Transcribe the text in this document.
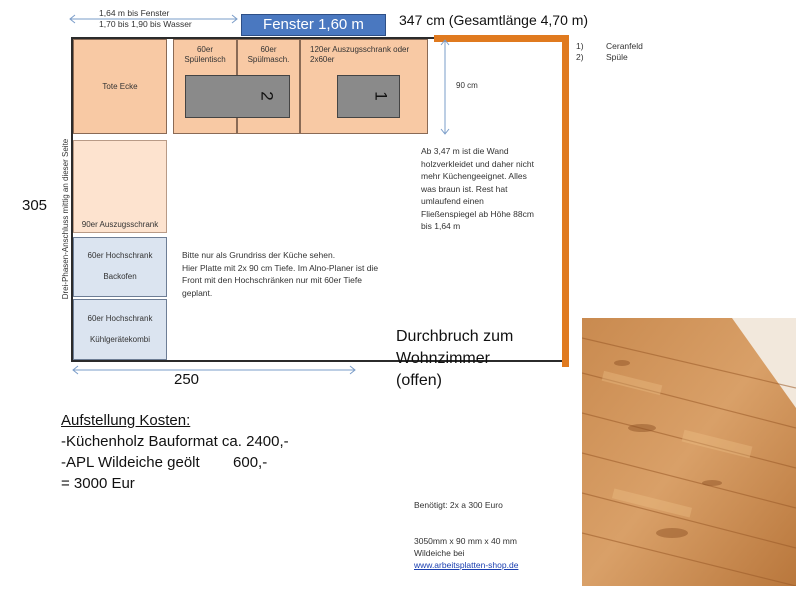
1,64 m bis Fenster
1,70 bis 1,90 bis Wasser	Fenster 1,60 m	347 cm (Gesamtlänge 4,70 m)
1)	Ceranfeld
2)	Spüle
Tote Ecke
60er
Spülentisch
60er
Spülmasch.
120er Auszugsschrank oder
2x60er
2	1
90 cm
90er Auszugsschrank
60er Hochschrank
Backofen
60er Hochschrank
Kühlgerätekombi
Drei-Phasen-Anschluss mittig an dieser Seite
305
250
Ab 3,47 m ist die Wand
holzverkleidet und daher nicht
mehr Küchengeeignet. Alles
was braun ist. Rest hat
umlaufend einen
Fließenspiegel ab Höhe 88cm
bis 1,64 m
Bitte nur als Grundriss der Küche sehen.
Hier Platte mit 2x 90 cm Tiefe. Im Alno-Planer ist die
Front mit den Hochschränken nur mit 60er Tiefe
geplant.
Durchbruch zum
Wohnzimmer
(offen)
Aufstellung Kosten:
-Küchenholz Bauformat ca. 2400,-
-APL Wildeiche geölt        600,-
= 3000 Eur
Benötigt: 2x a 300 Euro
3050mm x 90 mm x 40 mm
Wildeiche bei
www.arbeitsplatten-shop.de
